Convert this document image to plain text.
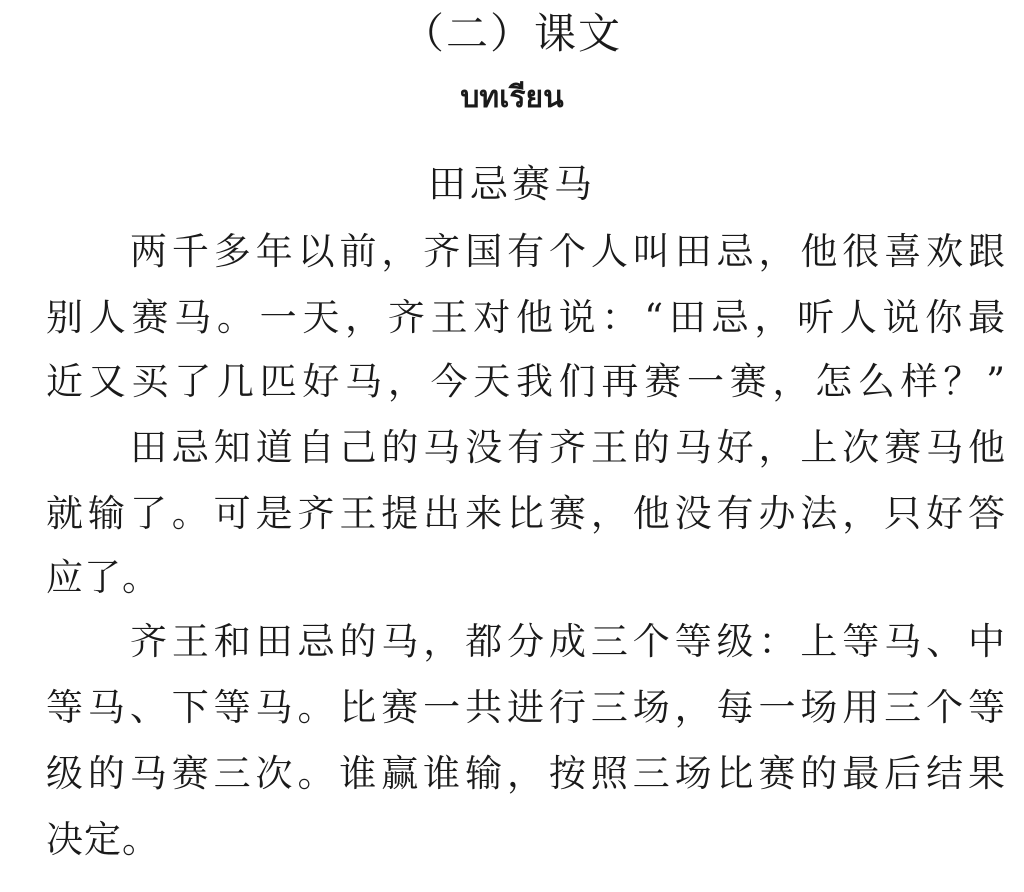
（二）课文
บทเรียน
田忌赛马
两千多年以前，齐国有个人叫田忌，他很喜欢跟
别人赛马。一天，齐王对他说：“田忌，听人说你最
近又买了几匹好马，今天我们再赛一赛，怎么样？”
田忌知道自己的马没有齐王的马好，上次赛马他
就输了。可是齐王提出来比赛，他没有办法，只好答
应了。
齐王和田忌的马，都分成三个等级：上等马、中
等马、下等马。比赛一共进行三场，每一场用三个等
级的马赛三次。谁赢谁输，按照三场比赛的最后结果
决定。
